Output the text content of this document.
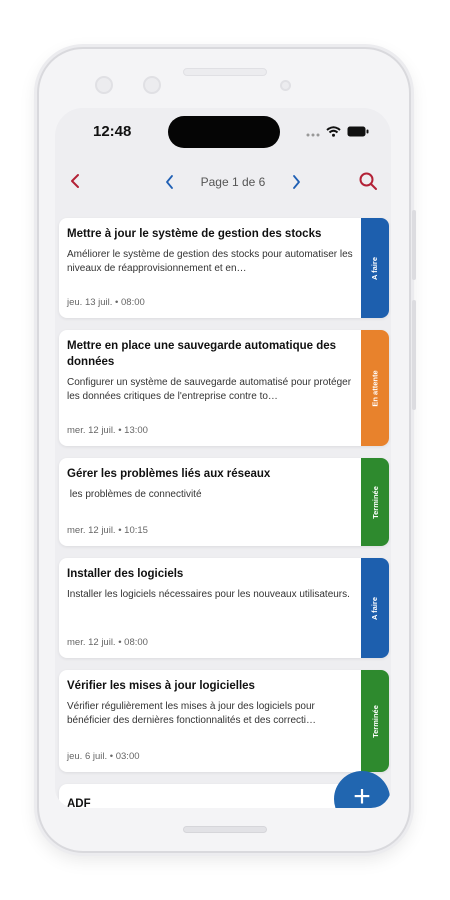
12:48
Page 1 de 6
Mettre à jour le système de gestion des stocks
Améliorer le système de gestion des stocks pour automatiser les niveaux de réapprovisionnement et en…
jeu. 13 juil. • 08:00
A faire
Mettre en place une sauvegarde automatique des données
Configurer un système de sauvegarde automatisé pour protéger les données critiques de l'entreprise contre to…
mer. 12 juil. • 13:00
En attente
Gérer les problèmes liés aux réseaux
les problèmes de connectivité
mer. 12 juil. • 10:15
Terminée
Installer des logiciels
Installer les logiciels nécessaires pour les nouveaux utilisateurs.
mer. 12 juil. • 08:00
A faire
Vérifier les mises à jour logicielles
Vérifier régulièrement les mises à jour des logiciels pour bénéficier des dernières fonctionnalités et des correcti…
jeu. 6 juil. • 03:00
Terminée
ADF	+
